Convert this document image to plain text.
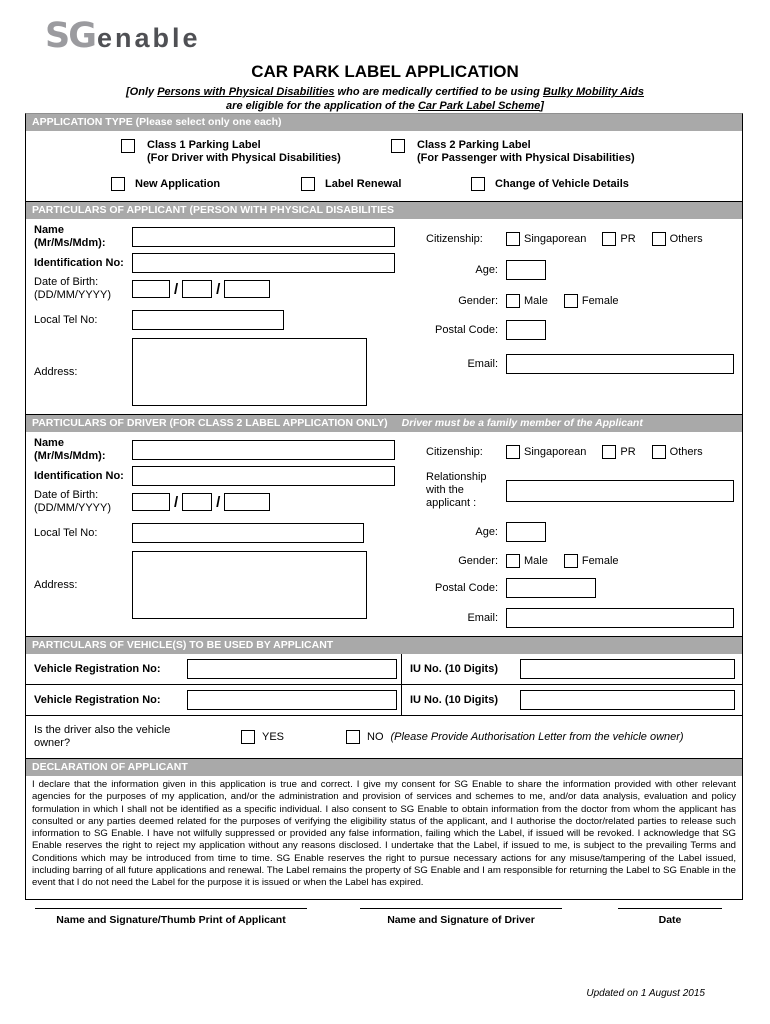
SG enable
CAR PARK LABEL APPLICATION
[Only Persons with Physical Disabilities who are medically certified to be using Bulky Mobility Aids
are eligible for the application of the Car Park Label Scheme]
APPLICATION TYPE (Please select only one each)
Class 1 Parking Label
(For Driver with Physical Disabilities)
Class 2 Parking Label
(For Passenger with Physical Disabilities)
New Application	Label Renewal	Change of Vehicle Details
PARTICULARS OF APPLICANT (PERSON WITH PHYSICAL DISABILITIES
Name (Mr/Ms/Mdm):
Identification No:
Date of Birth: (DD/MM/YYYY)	/	/
Local Tel No:
Address:
Citizenship:	Singaporean	PR	Others
Age:
Gender: Male	Female
Postal Code:
Email:
PARTICULARS OF DRIVER (FOR CLASS 2 LABEL APPLICATION ONLY) Driver must be a family member of the Applicant
Name (Mr/Ms/Mdm):
Identification No:
Date of Birth: (DD/MM/YYYY)	/	/
Local Tel No:
Address:
Citizenship:	Singaporean	PR	Others
Relationship with the applicant :
Age:
Gender: Male	Female
Postal Code:
Email:
PARTICULARS OF VEHICLE(S) TO BE USED BY APPLICANT
Vehicle Registration No:	IU No. (10 Digits)
Vehicle Registration No:	IU No. (10 Digits)
Is the driver also the vehicle owner?	YES	NO (Please Provide Authorisation Letter from the vehicle owner)
DECLARATION OF APPLICANT
I declare that the information given in this application is true and correct. I give my consent for SG Enable to share the information provided with other relevant agencies for the purposes of my application, and/or the administration and provision of services and schemes to me, and/or data analysis, evaluation and policy formulation in which I shall not be identified as a specific individual. I also consent to SG Enable to obtain information from the doctor from whom the applicant has consulted or any parties deemed related for the purposes of verifying the eligibility status of the applicant, and I authorise the doctor/related parties to release such information to SG Enable. I have not wilfully suppressed or provided any false information, failing which the Label, if issued will be revoked. I acknowledge that SG Enable reserves the right to reject my application without any reasons disclosed. I undertake that the Label, if issued to me, is subject to the prevailing Terms and Conditions which may be introduced from time to time. SG Enable reserves the right to pursue necessary actions for any misuse/tampering of the Label issued, including barring of all future applications and renewal. The Label remains the property of SG Enable and I am responsible for returning the Label to SG Enable in the event that I do not need the Label for the purpose it is issued or when the Label has expired.
Name and Signature/Thumb Print of Applicant	Name and Signature of Driver	Date
Updated on 1 August 2015
